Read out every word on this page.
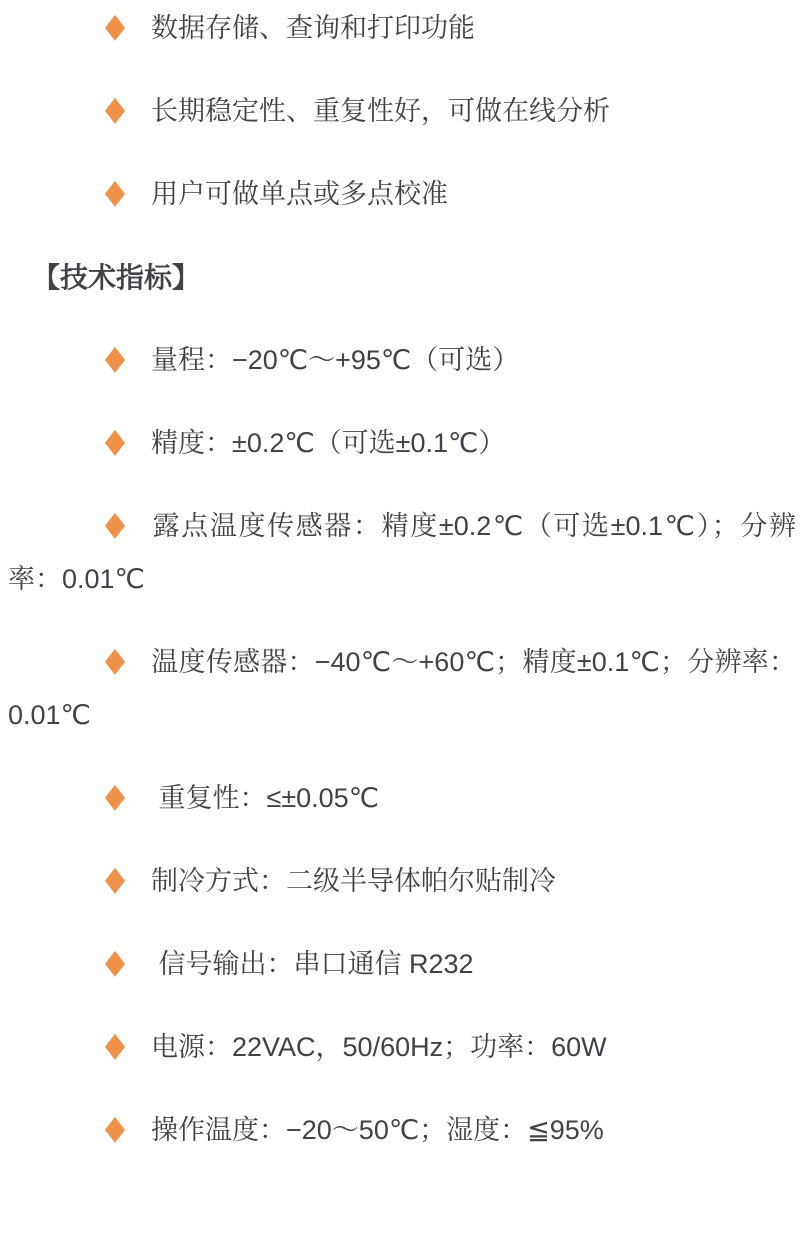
数据存储、查询和打印功能

长期稳定性、重复性好，可做在线分析

用户可做单点或多点校准

【技术指标】

量程：−20℃～+95℃（可选）

精度：±0.2℃（可选±0.1℃）

露点温度传感器：精度±0.2℃（可选±0.1℃）；分辨率：0.01℃

温度传感器：−40℃～+60℃；精度±0.1℃；分辨率：0.01℃

重复性：≤±0.05℃

制冷方式：二级半导体帕尔贴制冷

信号输出：串口通信 R232

电源：22VAC，50/60Hz；功率：60W

操作温度：−20～50℃；湿度：≦95%
